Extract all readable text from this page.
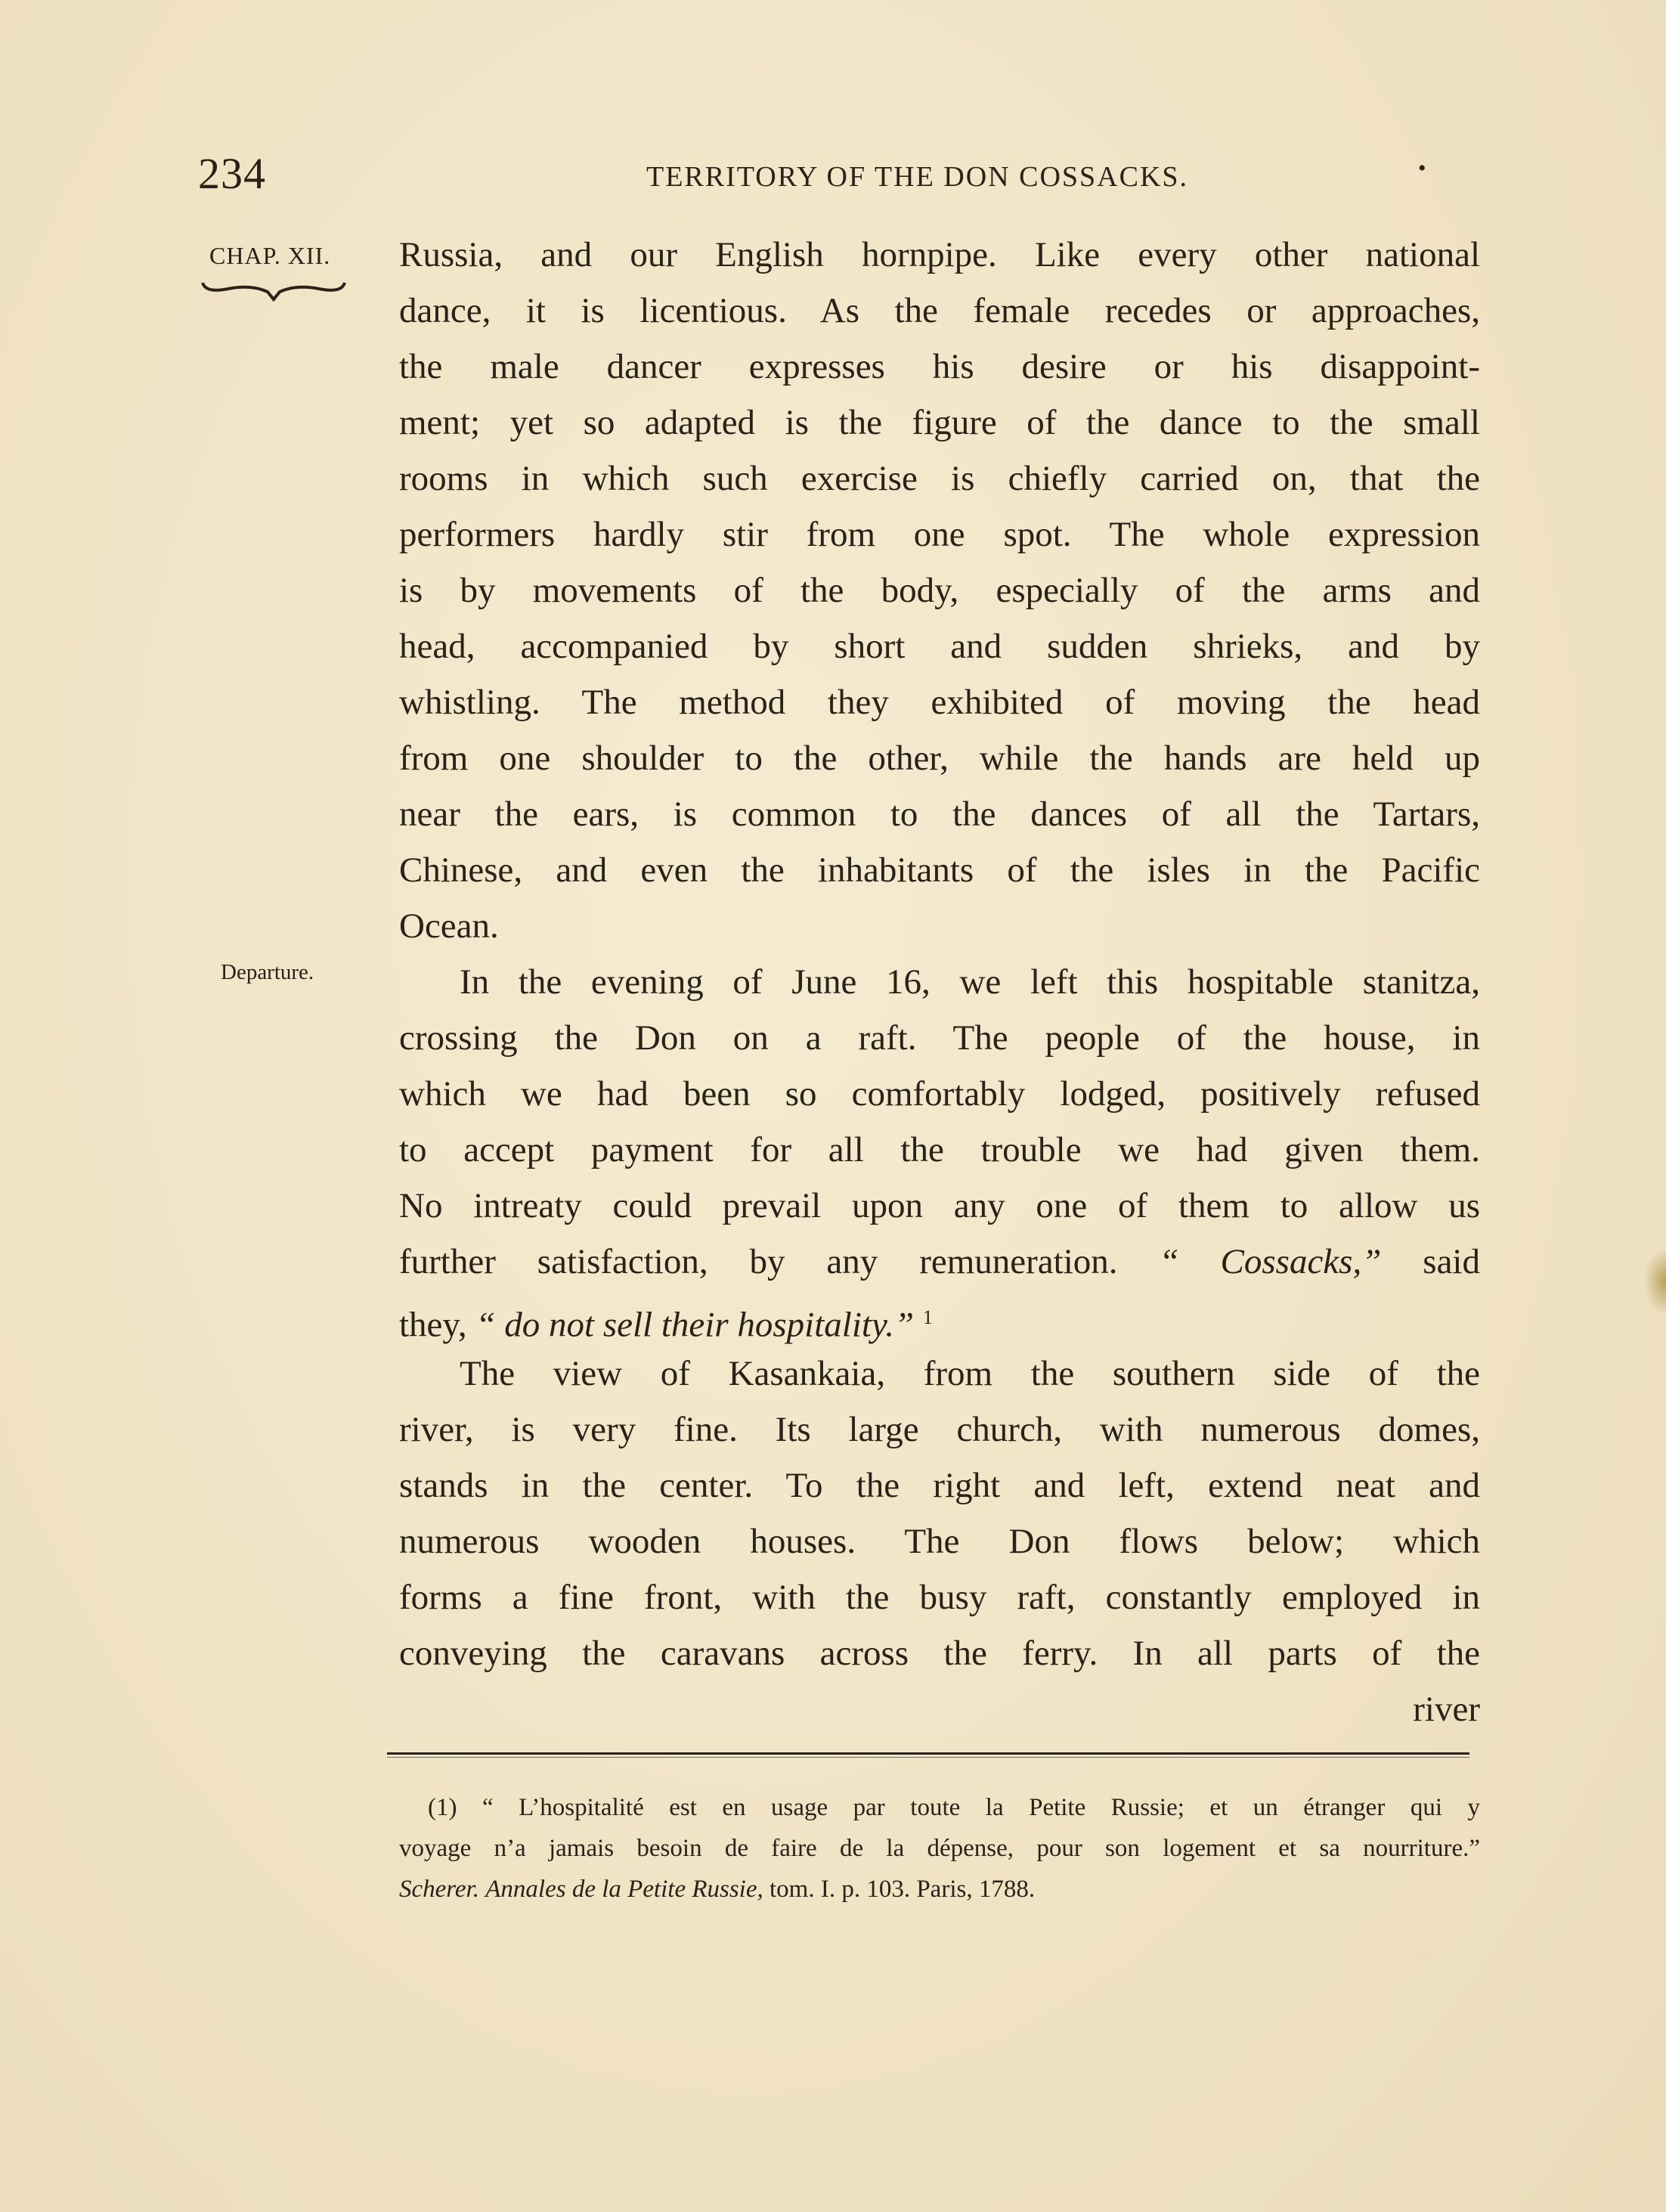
234	TERRITORY OF THE DON COSSACKS.	•
CHAP. XII.
Departure.
Russia, and our English hornpipe. Like every other national
dance, it is licentious. As the female recedes or approaches,
the male dancer expresses his desire or his disappoint-
ment; yet so adapted is the figure of the dance to the small
rooms in which such exercise is chiefly carried on, that the
performers hardly stir from one spot. The whole expression
is by movements of the body, especially of the arms and
head, accompanied by short and sudden shrieks, and by
whistling. The method they exhibited of moving the head
from one shoulder to the other, while the hands are held up
near the ears, is common to the dances of all the Tartars,
Chinese, and even the inhabitants of the isles in the Pacific
Ocean.
In the evening of June 16, we left this hospitable stanitza,
crossing the Don on a raft. The people of the house, in
which we had been so comfortably lodged, positively refused
to accept payment for all the trouble we had given them.
No intreaty could prevail upon any one of them to allow us
further satisfaction, by any remuneration. “ Cossacks,” said
they, “ do not sell their hospitality.” $^1$
The view of Kasankaia, from the southern side of the
river, is very fine. Its large church, with numerous domes,
stands in the center. To the right and left, extend neat and
numerous wooden houses. The Don flows below; which
forms a fine front, with the busy raft, constantly employed in
conveying the caravans across the ferry. In all parts of the
river
(1) “ L’hospitalité est en usage par toute la Petite Russie; et un étranger qui y
voyage n’a jamais besoin de faire de la dépense, pour son logement et sa nourriture.”
Scherer. Annales de la Petite Russie, tom. I. p. 103. Paris, 1788.
